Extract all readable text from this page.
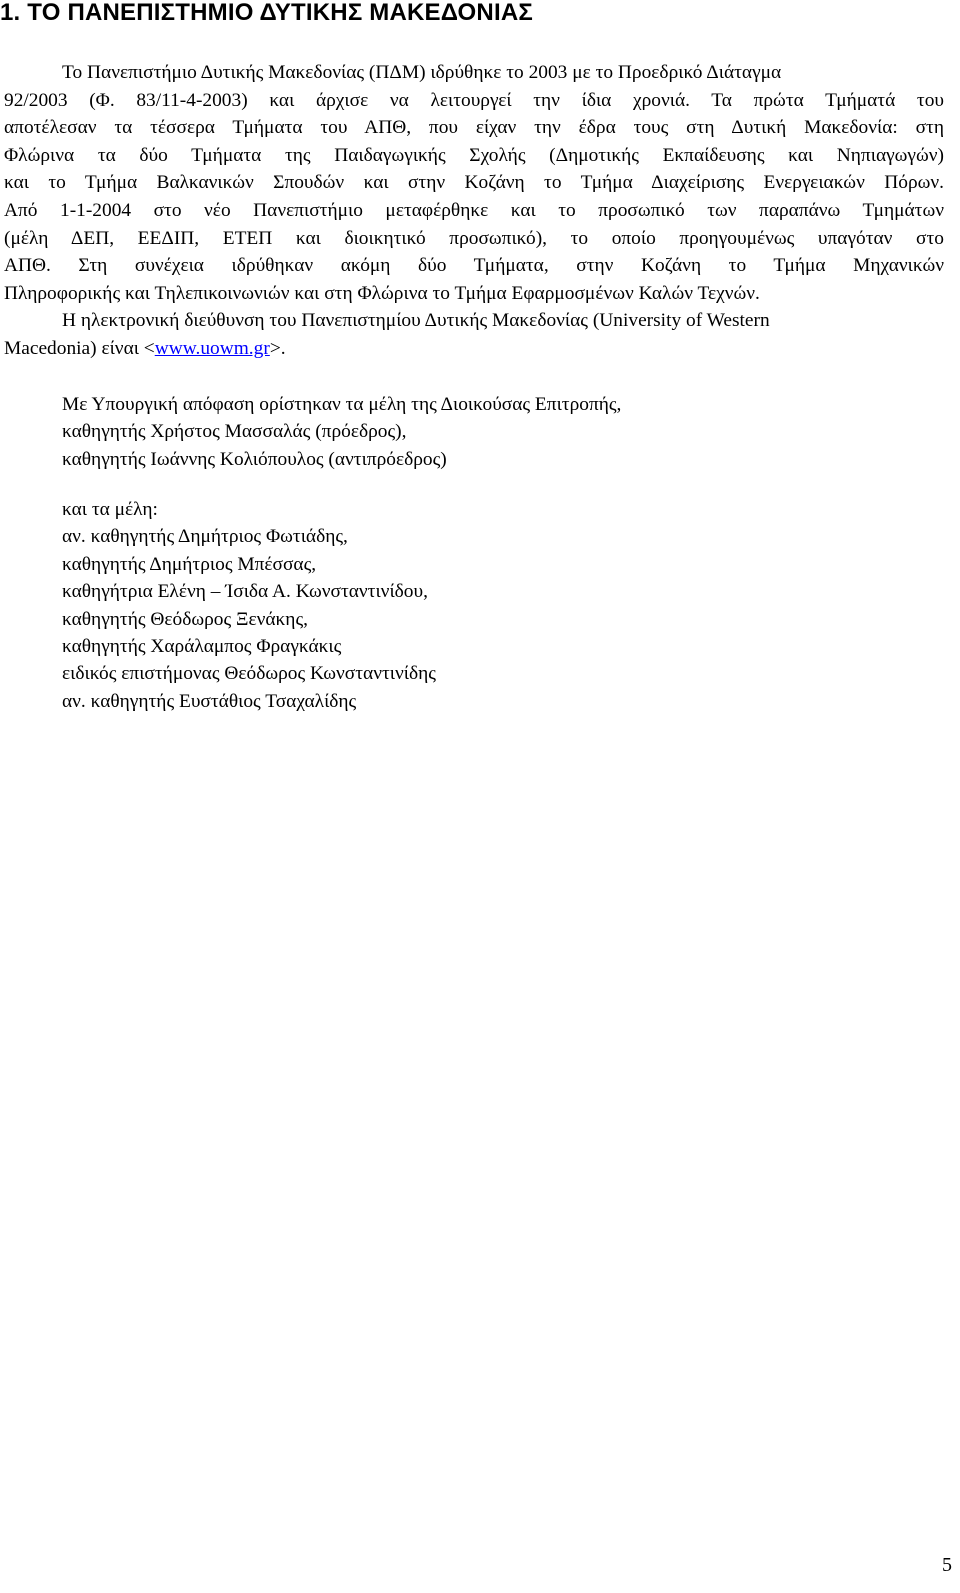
1. ΤΟ ΠΑΝΕΠΙΣΤΗΜΙΟ ΔΥΤΙΚΗΣ ΜΑΚΕΔΟΝΙΑΣ
Το Πανεπιστήμιο Δυτικής Μακεδονίας (ΠΔΜ) ιδρύθηκε το 2003 με το Προεδρικό Διάταγμα
92/2003 (Φ. 83/11-4-2003) και άρχισε να λειτουργεί την ίδια χρονιά. Τα πρώτα Τμήματά του
αποτέλεσαν τα τέσσερα Τμήματα του ΑΠΘ, που είχαν την έδρα τους στη Δυτική Μακεδονία: στη
Φλώρινα τα δύο Τμήματα της Παιδαγωγικής Σχολής (Δημοτικής Εκπαίδευσης και Νηπιαγωγών)
και το Τμήμα Βαλκανικών Σπουδών και στην Κοζάνη το Τμήμα Διαχείρισης Ενεργειακών Πόρων.
Από 1-1-2004 στο νέο Πανεπιστήμιο μεταφέρθηκε και το προσωπικό των παραπάνω Τμημάτων
(μέλη ΔΕΠ, ΕΕΔΙΠ, ΕΤΕΠ και διοικητικό προσωπικό), το οποίο προηγουμένως υπαγόταν στο
ΑΠΘ. Στη συνέχεια ιδρύθηκαν ακόμη δύο Τμήματα, στην Κοζάνη το Τμήμα Μηχανικών
Πληροφορικής και Τηλεπικοινωνιών και στη Φλώρινα το Τμήμα Εφαρμοσμένων Καλών Τεχνών.
Η ηλεκτρονική διεύθυνση του Πανεπιστημίου Δυτικής Μακεδονίας (University of Western
Macedonia) είναι <www.uowm.gr>.
Με Υπουργική απόφαση ορίστηκαν τα μέλη της Διοικούσας Επιτροπής,
καθηγητής Χρήστος Μασσαλάς (πρόεδρος),
καθηγητής Ιωάννης Κολιόπουλος (αντιπρόεδρος)
και τα μέλη:
αν. καθηγητής Δημήτριος Φωτιάδης,
καθηγητής Δημήτριος Μπέσσας,
καθηγήτρια Ελένη – Ίσιδα Α. Κωνσταντινίδου,
καθηγητής Θεόδωρος Ξενάκης,
καθηγητής Χαράλαμπος Φραγκάκις
ειδικός επιστήμονας Θεόδωρος Κωνσταντινίδης
αν. καθηγητής Ευστάθιος Τσαχαλίδης
5
